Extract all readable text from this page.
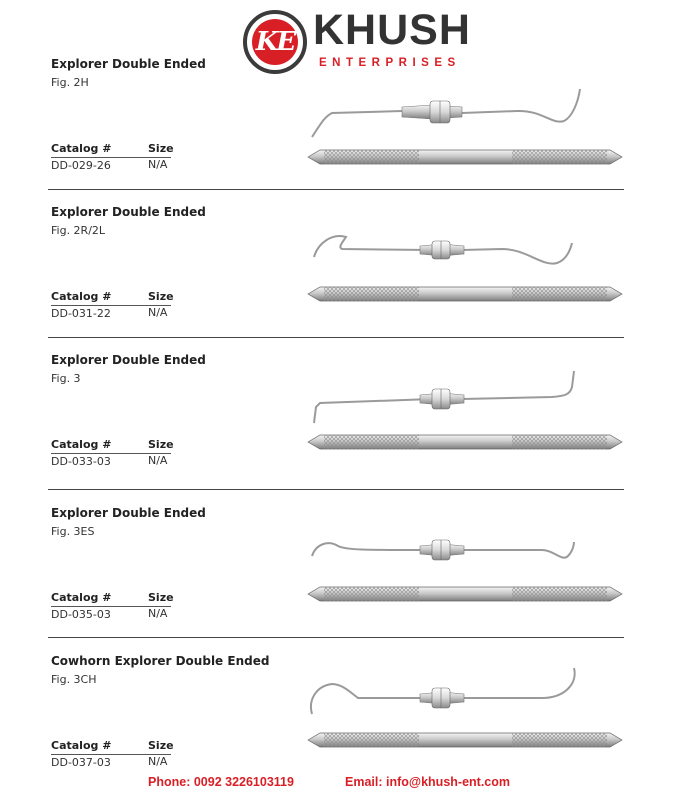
KE KHUSH
ENTERPRISES
Explorer Double Ended
Fig. 2H
Catalog #	Size
DD-029-26	N/A
Explorer Double Ended
Fig. 2R/2L
Catalog #	Size
DD-031-22	N/A
Explorer Double Ended
Fig. 3
Catalog #	Size
DD-033-03	N/A
Explorer Double Ended
Fig. 3ES
Catalog #	Size
DD-035-03	N/A
Cowhorn Explorer Double Ended
Fig. 3CH
Catalog #	Size
DD-037-03	N/A
Phone: 0092 3226103119	Email: info@khush-ent.com
